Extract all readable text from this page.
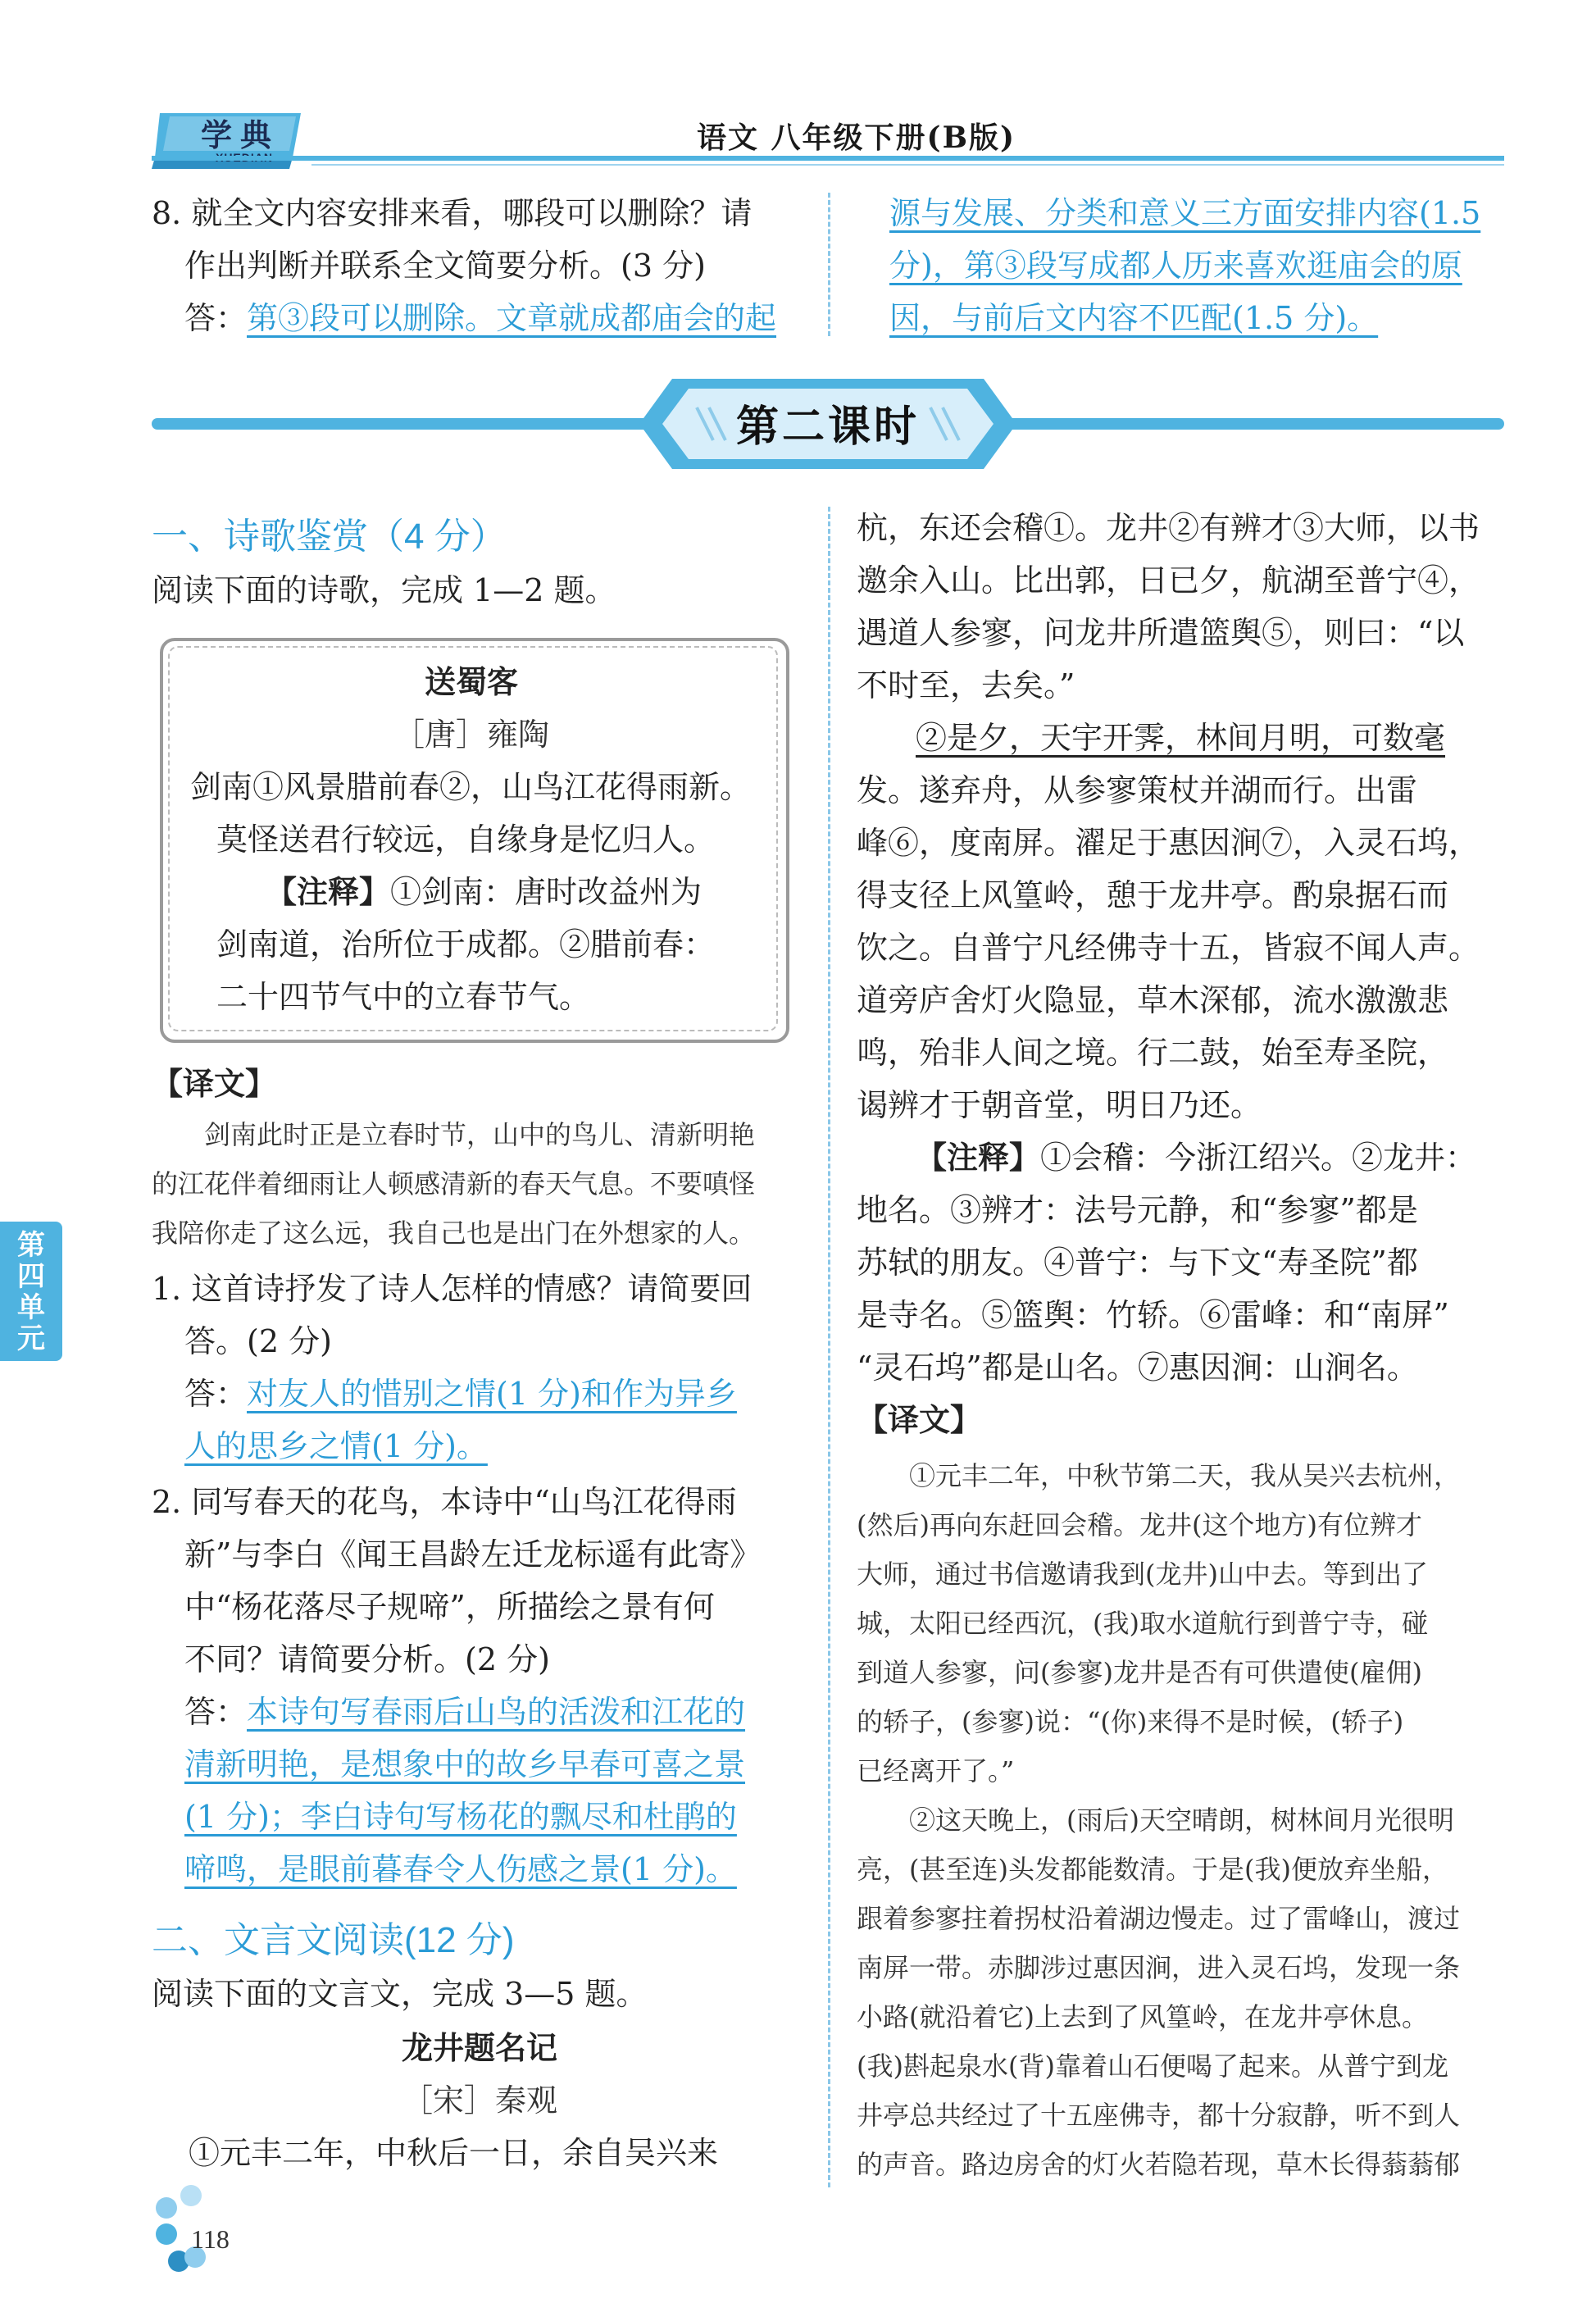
学典	语文 八年级下册(B版)
8. 就全文内容安排来看，哪段可以删除？请
作出判断并联系全文简要分析。(3 分)
答：第③段可以删除。文章就成都庙会的起
源与发展、分类和意义三方面安排内容(1.5
分)，第③段写成都人历来喜欢逛庙会的原
因，与前后文内容不匹配(1.5 分)。
第二课时
一、诗歌鉴赏（4 分）
阅读下面的诗歌，完成 1—2 题。
送蜀客
［唐］雍陶
剑南①风景腊前春②，山鸟江花得雨新。
莫怪送君行较远，自缘身是忆归人。
【注释】①剑南：唐时改益州为
剑南道，治所位于成都。②腊前春：
二十四节气中的立春节气。
【译文】
剑南此时正是立春时节，山中的鸟儿、清新明艳
的江花伴着细雨让人顿感清新的春天气息。不要嗔怪
我陪你走了这么远，我自己也是出门在外想家的人。
1. 这首诗抒发了诗人怎样的情感？请简要回
答。(2 分)
答：对友人的惜别之情(1 分)和作为异乡
人的思乡之情(1 分)。
2. 同写春天的花鸟，本诗中“山鸟江花得雨
新”与李白《闻王昌龄左迁龙标遥有此寄》
中“杨花落尽子规啼”，所描绘之景有何
不同？请简要分析。(2 分)
答：本诗句写春雨后山鸟的活泼和江花的
清新明艳，是想象中的故乡早春可喜之景
(1 分)；李白诗句写杨花的飘尽和杜鹃的
啼鸣，是眼前暮春令人伤感之景(1 分)。
二、文言文阅读(12 分)
阅读下面的文言文，完成 3—5 题。
龙井题名记
［宋］秦观
①元丰二年，中秋后一日，余自吴兴来
杭，东还会稽①。龙井②有辨才③大师，以书
邀余入山。比出郭，日已夕，航湖至普宁④，
遇道人参寥，问龙井所遣篮舆⑤，则曰：“以
不时至，去矣。”
②是夕，天宇开霁，林间月明，可数毫
发。遂弃舟，从参寥策杖并湖而行。出雷
峰⑥，度南屏。濯足于惠因涧⑦，入灵石坞，
得支径上风篁岭，憩于龙井亭。酌泉据石而
饮之。自普宁凡经佛寺十五，皆寂不闻人声。
道旁庐舍灯火隐显，草木深郁，流水激激悲
鸣，殆非人间之境。行二鼓，始至寿圣院，
谒辨才于朝音堂，明日乃还。
【注释】①会稽：今浙江绍兴。②龙井：
地名。③辨才：法号元静，和“参寥”都是
苏轼的朋友。④普宁：与下文“寿圣院”都
是寺名。⑤篮舆：竹轿。⑥雷峰：和“南屏”
“灵石坞”都是山名。⑦惠因涧：山涧名。
【译文】
①元丰二年，中秋节第二天，我从吴兴去杭州，
(然后)再向东赶回会稽。龙井(这个地方)有位辨才
大师，通过书信邀请我到(龙井)山中去。等到出了
城，太阳已经西沉，(我)取水道航行到普宁寺，碰
到道人参寥，问(参寥)龙井是否有可供遣使(雇佣)
的轿子，(参寥)说：“(你)来得不是时候，(轿子)
已经离开了。”
②这天晚上，(雨后)天空晴朗，树林间月光很明
亮，(甚至连)头发都能数清。于是(我)便放弃坐船，
跟着参寥拄着拐杖沿着湖边慢走。过了雷峰山，渡过
南屏一带。赤脚涉过惠因涧，进入灵石坞，发现一条
小路(就沿着它)上去到了风篁岭，在龙井亭休息。
(我)斟起泉水(背)靠着山石便喝了起来。从普宁到龙
井亭总共经过了十五座佛寺，都十分寂静，听不到人
的声音。路边房舍的灯火若隐若现，草木长得蓊蓊郁
第四单元
118
